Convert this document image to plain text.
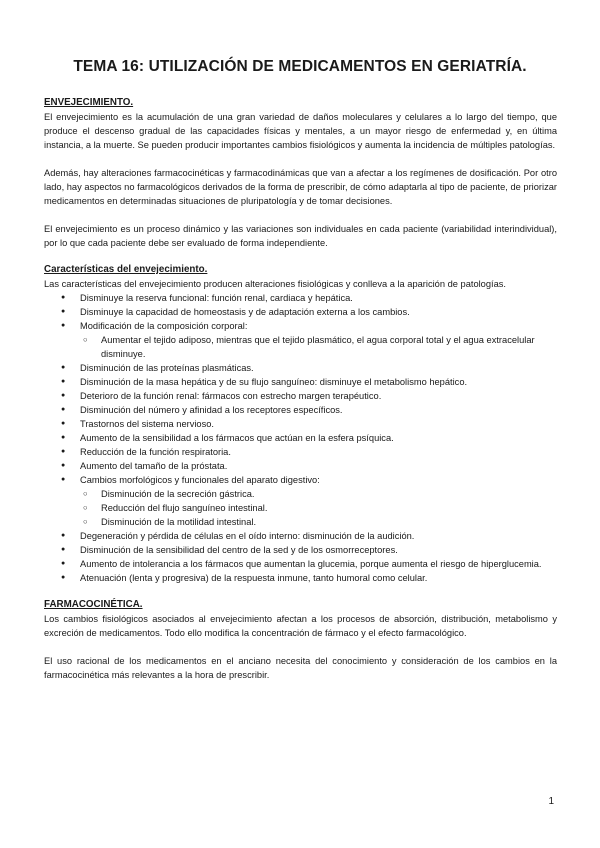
TEMA 16: UTILIZACIÓN DE MEDICAMENTOS EN GERIATRÍA.
ENVEJECIMIENTO.

El envejecimiento es la acumulación de una gran variedad de daños moleculares y celulares a lo largo del tiempo, que produce el descenso gradual de las capacidades físicas y mentales, a un mayor riesgo de enfermedad y, en última instancia, a la muerte. Se pueden producir importantes cambios fisiológicos y aumenta la incidencia de múltiples patologías.

Además, hay alteraciones farmacocinéticas y farmacodinámicas que van a afectar a los regímenes de dosificación. Por otro lado, hay aspectos no farmacológicos derivados de la forma de prescribir, de cómo adaptarla al tipo de paciente, de priorizar medicamentos en determinadas situaciones de pluripatología y de tomar decisiones.

El envejecimiento es un proceso dinámico y las variaciones son individuales en cada paciente (variabilidad interindividual), por lo que cada paciente debe ser evaluado de forma independiente.

Características del envejecimiento.

Las características del envejecimiento producen alteraciones fisiológicas y conlleva a la aparición de patologías.

● Disminuye la reserva funcional: función renal, cardiaca y hepática.
● Disminuye la capacidad de homeostasis y de adaptación externa a los cambios.
● Modificación de la composición corporal:
○ Aumentar el tejido adiposo, mientras que el tejido plasmático, el agua corporal total y el agua extracelular disminuye.
● Disminución de las proteínas plasmáticas.
● Disminución de la masa hepática y de su flujo sanguíneo: disminuye el metabolismo hepático.
● Deterioro de la función renal: fármacos con estrecho margen terapéutico.
● Disminución del número y afinidad a los receptores específicos.
● Trastornos del sistema nervioso.
● Aumento de la sensibilidad a los fármacos que actúan en la esfera psíquica.
● Reducción de la función respiratoria.
● Aumento del tamaño de la próstata.
● Cambios morfológicos y funcionales del aparato digestivo:
○ Disminución de la secreción gástrica.
○ Reducción del flujo sanguíneo intestinal.
○ Disminución de la motilidad intestinal.
● Degeneración y pérdida de células en el oído interno: disminución de la audición.
● Disminución de la sensibilidad del centro de la sed y de los osmorreceptores.
● Aumento de intolerancia a los fármacos que aumentan la glucemia, porque aumenta el riesgo de hiperglucemia.
● Atenuación (lenta y progresiva) de la respuesta inmune, tanto humoral como celular.
FARMACOCINÉTICA.

Los cambios fisiológicos asociados al envejecimiento afectan a los procesos de absorción, distribución, metabolismo y excreción de medicamentos. Todo ello modifica la concentración de fármaco y el efecto farmacológico.

El uso racional de los medicamentos en el anciano necesita del conocimiento y consideración de los cambios en la farmacocinética más relevantes a la hora de prescribir.

1
